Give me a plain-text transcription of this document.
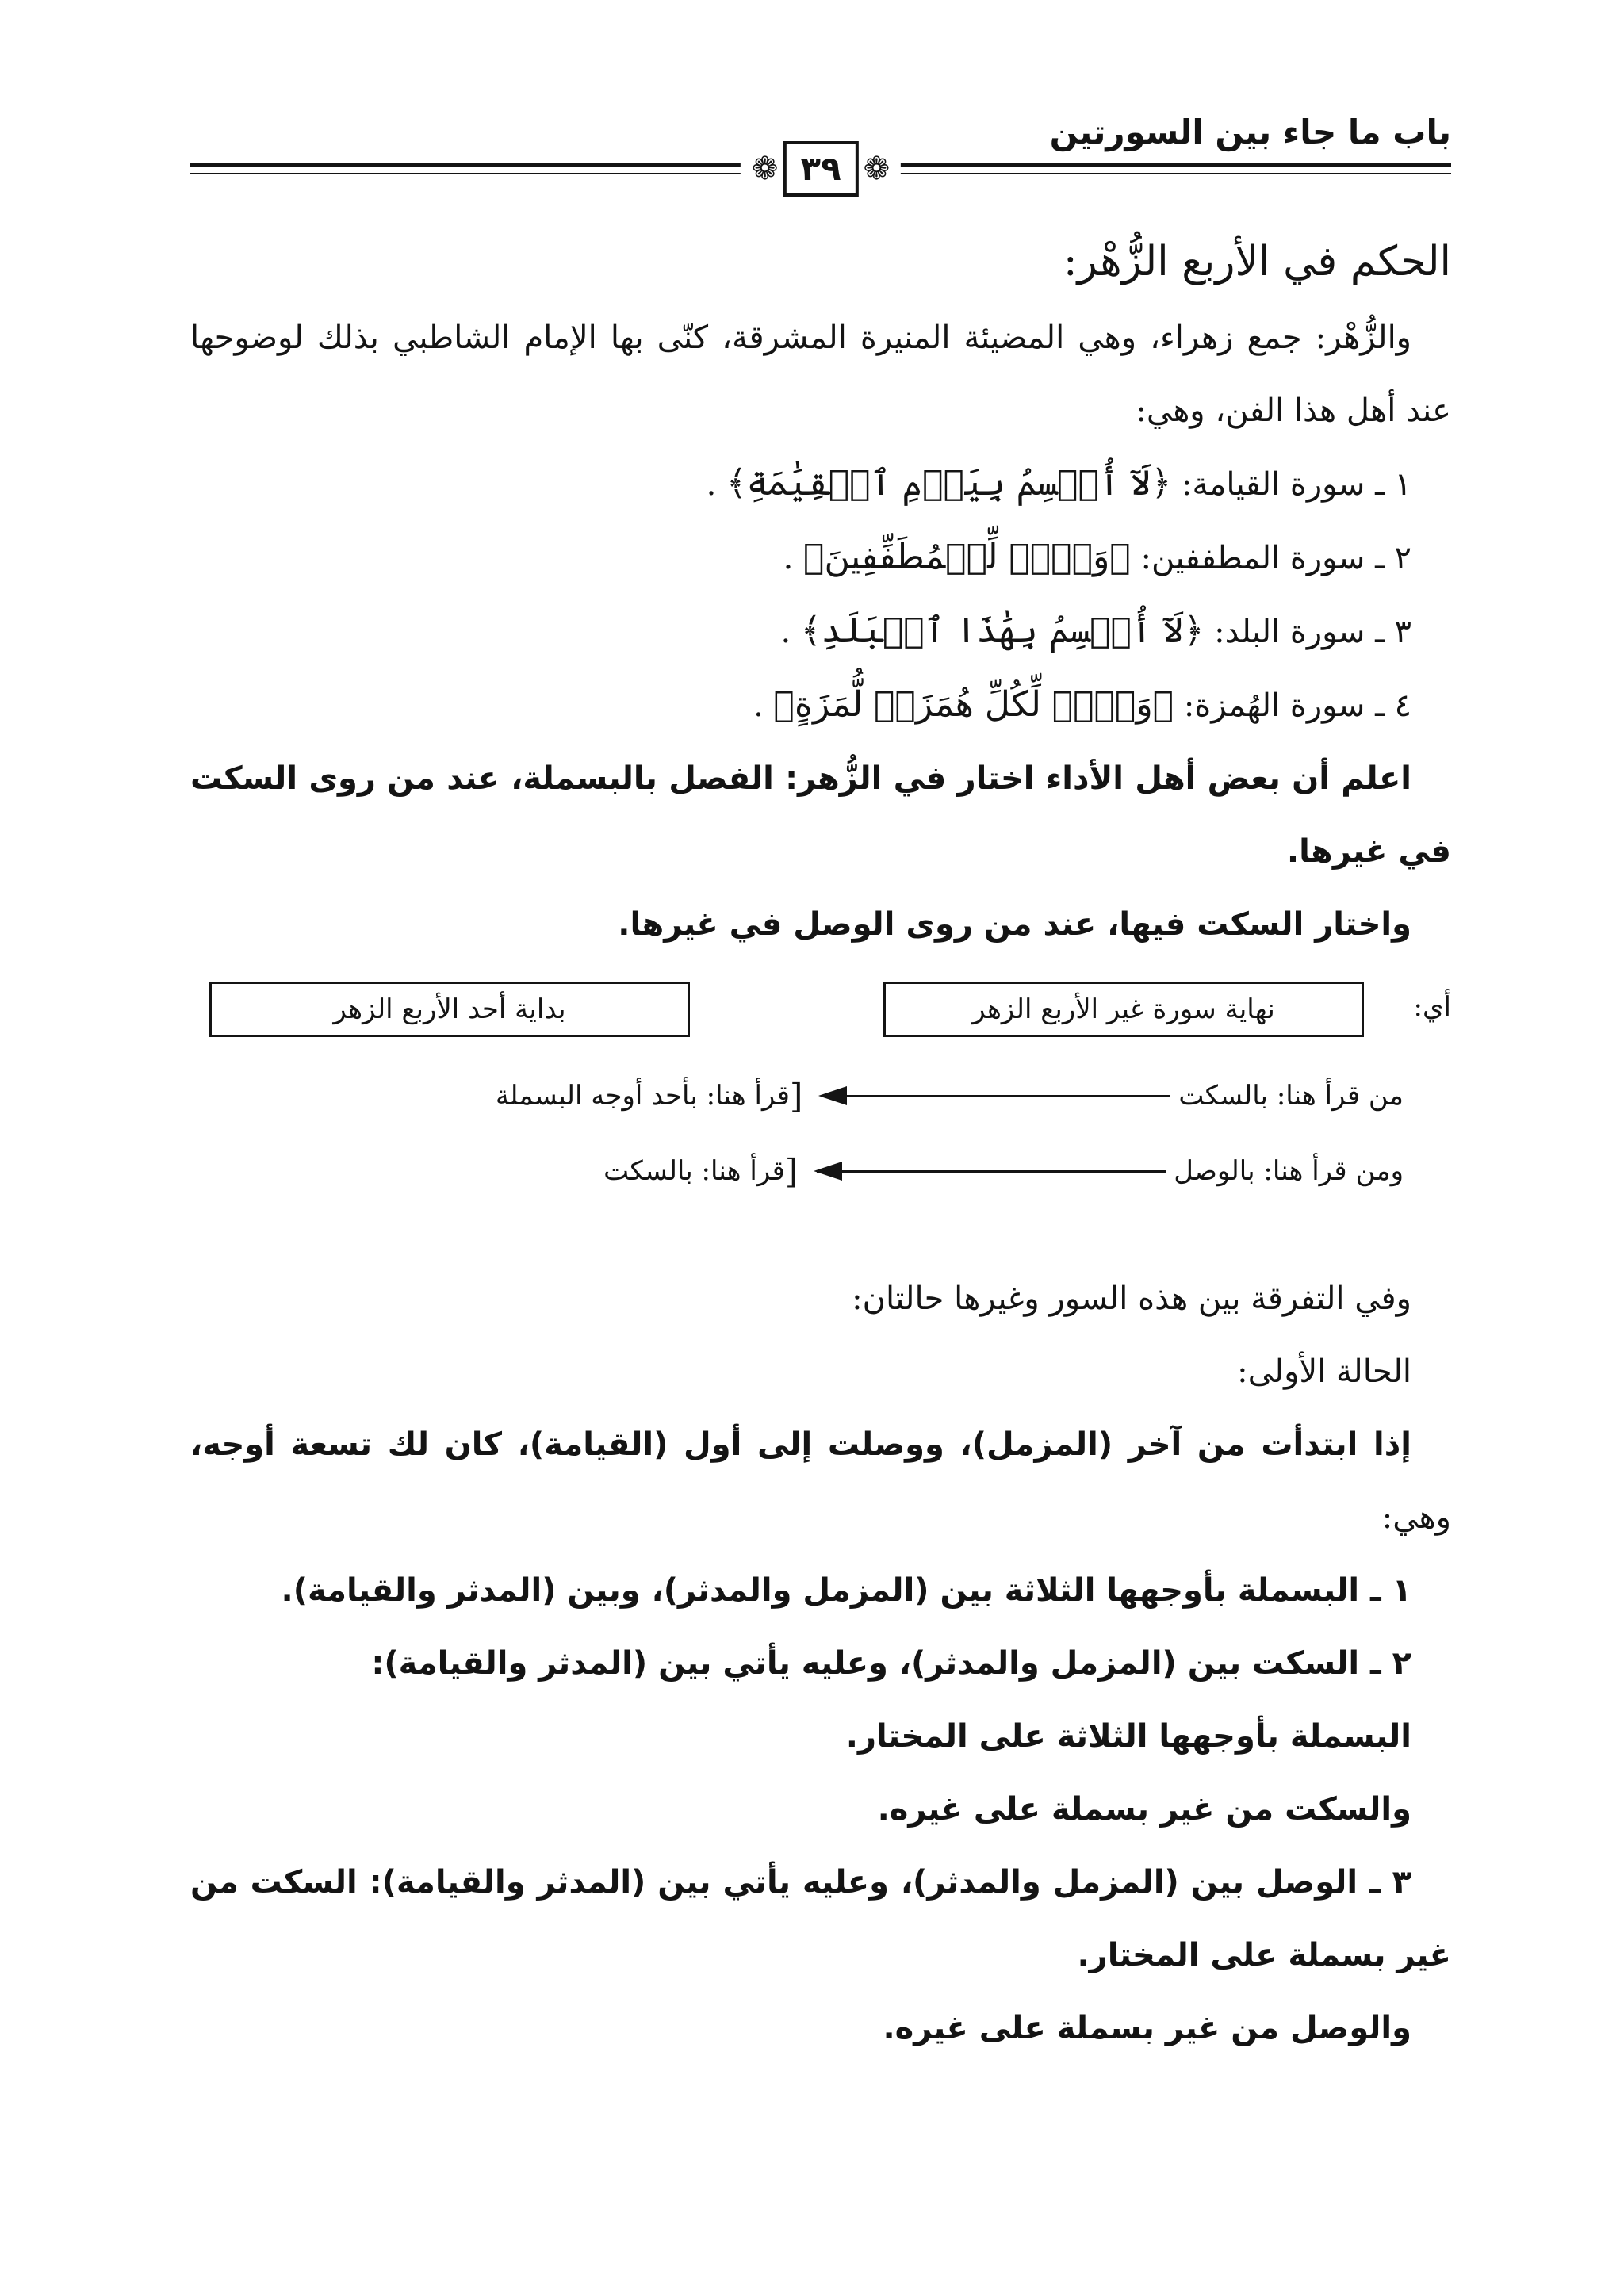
باب ما جاء بين السورتين

❁
٣٩
❁

الحكم في الأربع الزُّهْر:

والزُّهْر: جمع زهراء، وهي المضيئة المنيرة المشرقة، كنّى بها الإمام الشاطبي بذلك لوضوحها عند أهل هذا الفن، وهي:

١ ـ سورة القيامة: ﴿لَآ أُقۡسِمُ بِيَوۡمِ ٱلۡقِيَٰمَةِ﴾ .

٢ ـ سورة المطففين: ﴿وَيۡلٞ لِّلۡمُطَفِّفِينَ﴾ .

٣ ـ سورة البلد: ﴿لَآ أُقۡسِمُ بِهَٰذَا ٱلۡبَلَدِ﴾ .

٤ ـ سورة الهُمزة: ﴿وَيۡلٞ لِّكُلِّ هُمَزَةٖ لُّمَزَةٍ﴾ .

اعلم أن بعض أهل الأداء اختار في الزُّهر: الفصل بالبسملة، عند من روى السكت في غيرها.

واختار السكت فيها، عند من روى الوصل في غيرها.

أي:
نهاية سورة غير الأربع الزهر
بداية أحد الأربع الزهر
من قرأ هنا: بالسكت
[
قرأ هنا: بأحد أوجه البسملة
ومن قرأ هنا: بالوصل
[
قرأ هنا: بالسكت

وفي التفرقة بين هذه السور وغيرها حالتان:

الحالة الأولى:

إذا ابتدأت من آخر (المزمل)، ووصلت إلى أول (القيامة)، كان لك تسعة أوجه، وهي:

١ ـ البسملة بأوجهها الثلاثة بين (المزمل والمدثر)، وبين (المدثر والقيامة).

٢ ـ السكت بين (المزمل والمدثر)، وعليه يأتي بين (المدثر والقيامة):

البسملة بأوجهها الثلاثة على المختار.

والسكت من غير بسملة على غيره.

٣ ـ الوصل بين (المزمل والمدثر)، وعليه يأتي بين (المدثر والقيامة): السكت من غير بسملة على المختار.

والوصل من غير بسملة على غيره.
